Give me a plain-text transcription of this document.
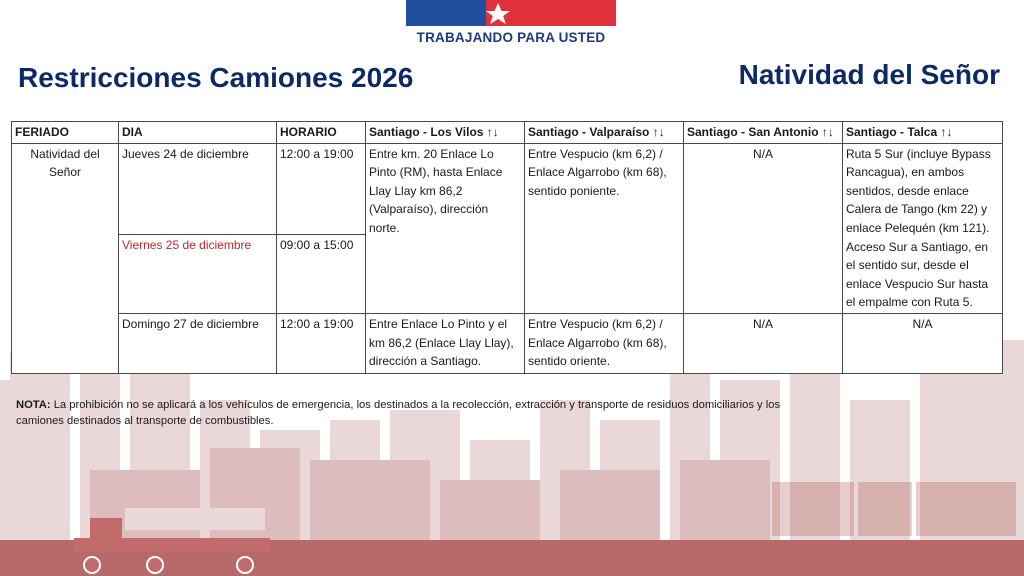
TRABAJANDO PARA USTED
Restricciones Camiones 2026	Natividad del Señor
FERIADO	DIA	HORARIO	Santiago - Los Vilos ↑↓	Santiago - Valparaíso ↑↓	Santiago - San Antonio ↑↓	Santiago - Talca ↑↓
Natividad del Señor	Jueves 24 de diciembre	12:00 a 19:00	Entre km. 20 Enlace Lo Pinto (RM), hasta Enlace Llay Llay km 86,2 (Valparaíso), dirección norte.	Entre Vespucio (km 6,2) / Enlace Algarrobo (km 68), sentido poniente.	N/A	Ruta 5 Sur (incluye Bypass Rancagua), en ambos sentidos, desde enlace Calera de Tango (km 22) y enlace Pelequén (km 121). Acceso Sur a Santiago, en el sentido sur, desde el enlace Vespucio Sur hasta el empalme con Ruta 5.
	Viernes 25 de diciembre	09:00 a 15:00				
	Domingo 27 de diciembre	12:00 a 19:00	Entre Enlace Lo Pinto y el km 86,2 (Enlace Llay Llay), dirección a Santiago.	Entre Vespucio (km 6,2) / Enlace Algarrobo (km 68), sentido oriente.	N/A	N/A
NOTA: La prohibición no se aplicará a los vehículos de emergencia, los destinados a la recolección, extracción y transporte de residuos domiciliarios y los camiones destinados al transporte de combustibles.
